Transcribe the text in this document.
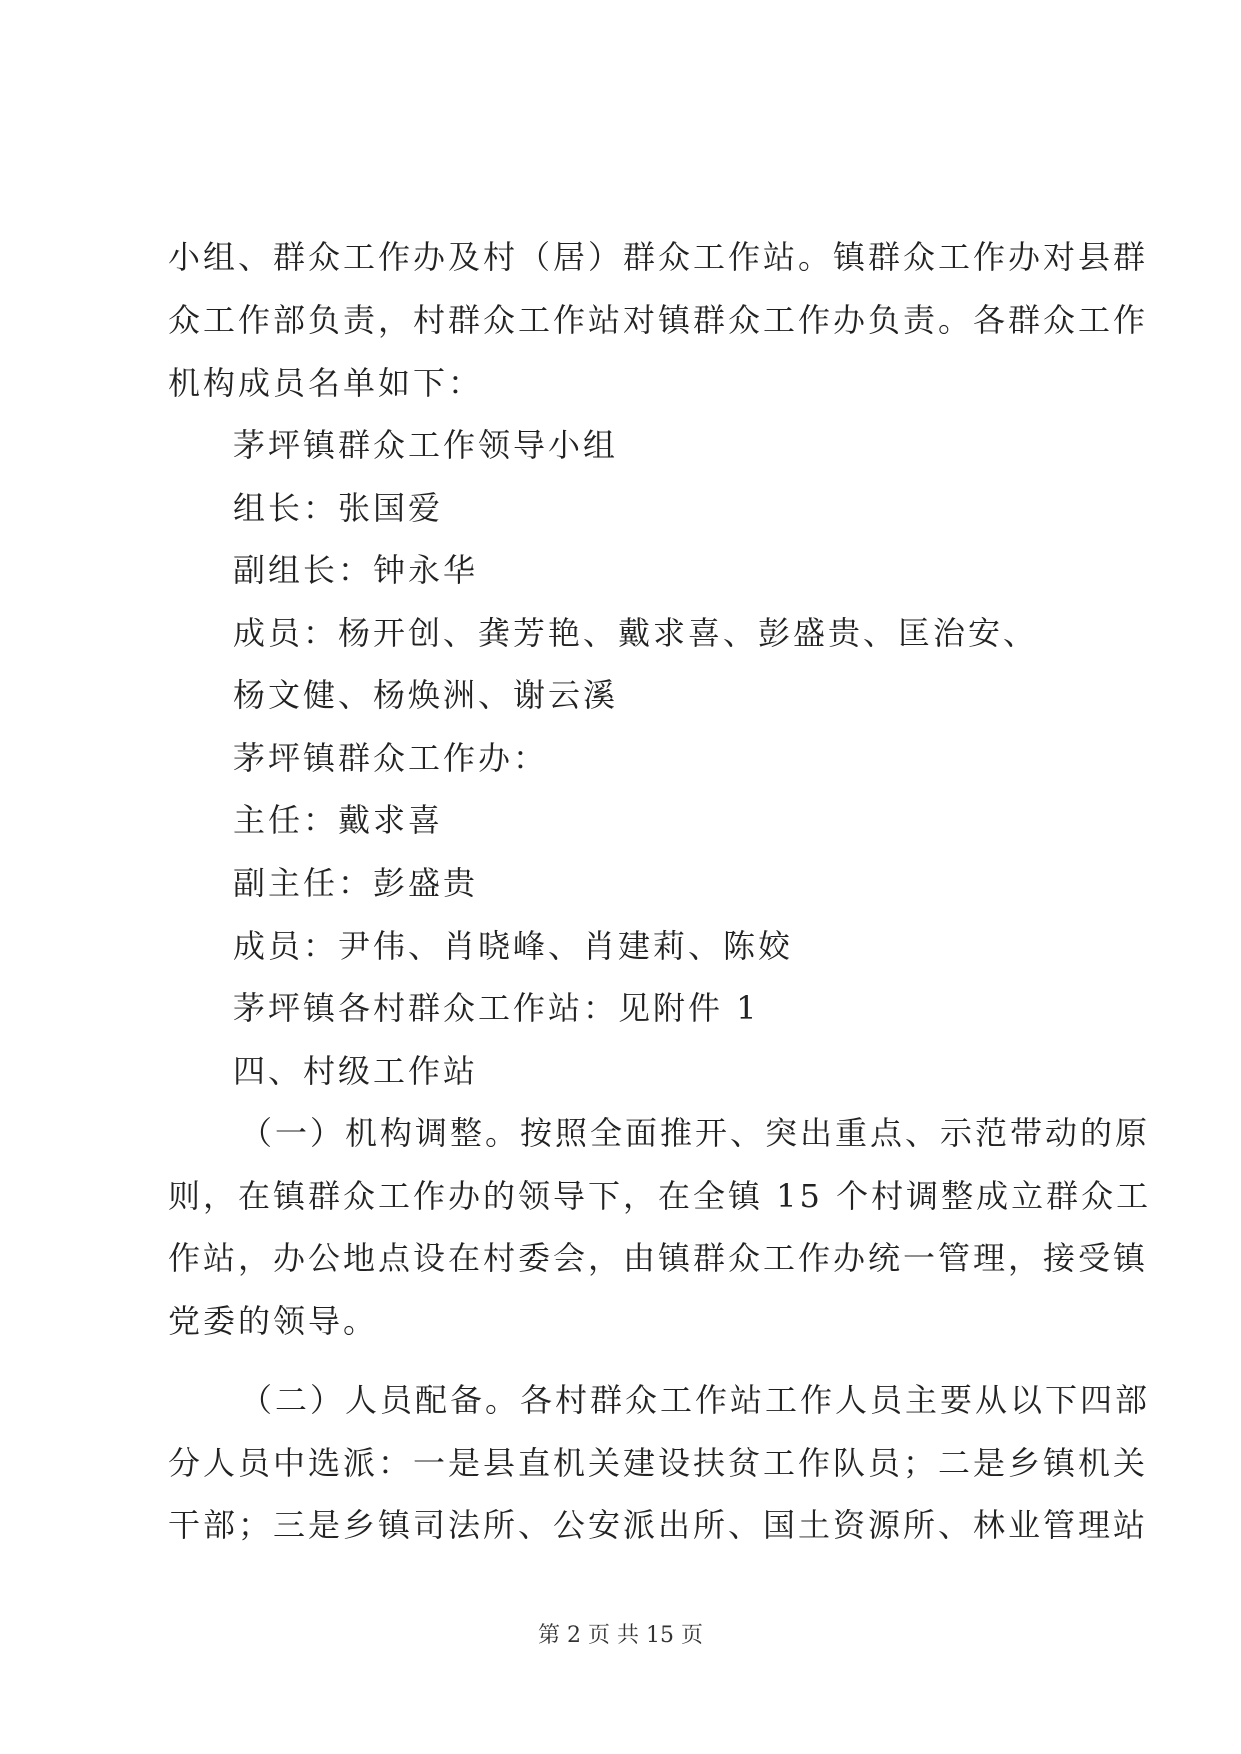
小组、群众工作办及村（居）群众工作站。镇群众工作办对县群
众工作部负责，村群众工作站对镇群众工作办负责。各群众工作
机构成员名单如下：
茅坪镇群众工作领导小组
组长：张国爱
副组长：钟永华
成员：杨开创、龚芳艳、戴求喜、彭盛贵、匡治安、
杨文健、杨焕洲、谢云溪
茅坪镇群众工作办：
主任：戴求喜
副主任：彭盛贵
成员：尹伟、肖晓峰、肖建莉、陈姣
茅坪镇各村群众工作站：见附件 1
四、村级工作站
（一）机构调整。按照全面推开、突出重点、示范带动的原
则，在镇群众工作办的领导下，在全镇 15 个村调整成立群众工
作站，办公地点设在村委会，由镇群众工作办统一管理，接受镇
党委的领导。
（二）人员配备。各村群众工作站工作人员主要从以下四部
分人员中选派：一是县直机关建设扶贫工作队员；二是乡镇机关
干部；三是乡镇司法所、公安派出所、国土资源所、林业管理站
第 2 页 共 15 页
